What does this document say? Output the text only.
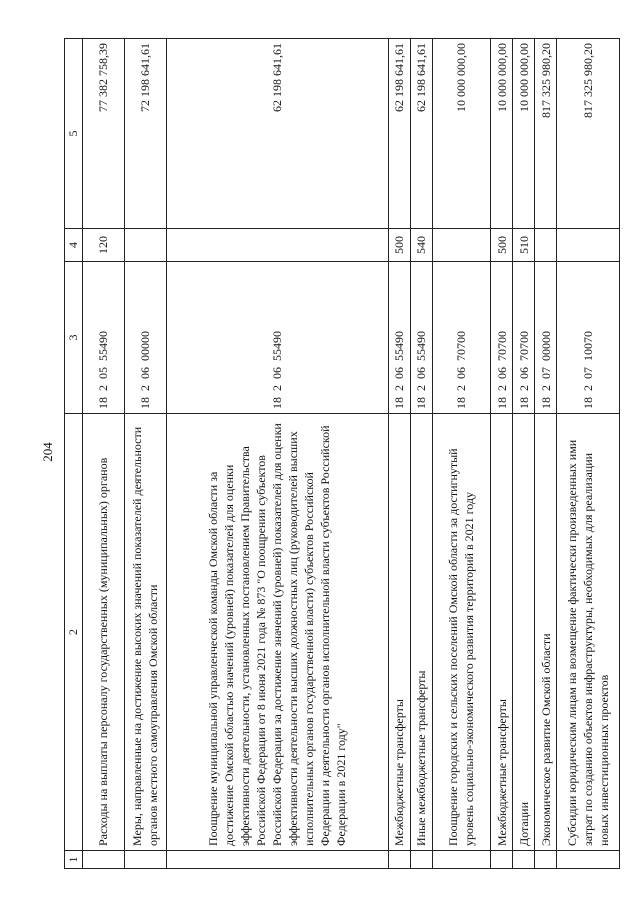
204
1	2	3	4	5
	Расходы на выплаты персоналу государственных (муниципальных) органов	18  2  05  55490	120	77 382 758,39
	Меры, направленные на достижение высоких значений показателей деятельности органов местного самоуправления Омской области	18  2  06  00000		72 198 641,61
	Поощрение муниципальной управленческой команды Омской области за достижение Омской областью значений (уровней) показателей для оценки эффективности деятельности, установленных постановлением Правительства Российской Федерации от 8 июня 2021 года № 873 "О поощрении субъектов Российской Федерации за достижение значений (уровней) показателей для оценки эффективности деятельности высших должностных лиц (руководителей высших исполнительных органов государственной власти) субъектов Российской Федерации и деятельности органов исполнительной власти субъектов Российской Федерации в 2021 году"	18  2  06  55490		62 198 641,61
	Межбюджетные трансферты	18  2  06  55490	500	62 198 641,61
	Иные межбюджетные трансферты	18  2  06  55490	540	62 198 641,61
	Поощрение городских и сельских поселений Омской области за достигнутый уровень социально-экономического развития территорий в 2021 году	18  2  06  70700		10 000 000,00
	Межбюджетные трансферты	18  2  06  70700	500	10 000 000,00
	Дотации	18  2  06  70700	510	10 000 000,00
	Экономическое развитие Омской области	18  2  07  00000		817 325 980,20
	Субсидии юридическим лицам на возмещение фактически произведенных ими затрат по созданию объектов инфраструктуры, необходимых для реализации новых инвестиционных проектов	18  2  07  10070		817 325 980,20
